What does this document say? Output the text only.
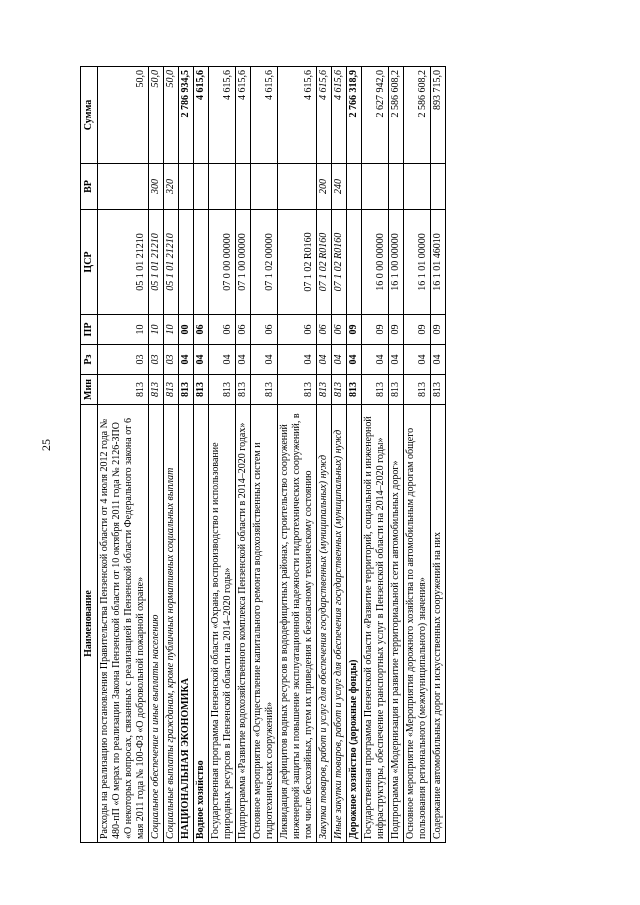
25
Наименование	Мин	Рз	ПР	ЦСР	ВР	Сумма
Расходы на реализацию постановления Правительства Пензенской области от 4 июля 2012 года № 480-пП «О мерах по реализации Закона Пензенской области от 10 октября 2011 года № 2126-ЗПО «О некоторых вопросах, связанных с реализацией в Пензенской области Федерального закона от 6 мая 2011 года № 100-ФЗ «О добровольной пожарной охране»	813	03	10	05 1 01 21210		50,0
Социальное обеспечение и иные выплаты населению	813	03	10	05 1 01 21210	300	50,0
Социальные выплаты гражданам, кроме публичных нормативных социальных выплат	813	03	10	05 1 01 21210	320	50,0
НАЦИОНАЛЬНАЯ ЭКОНОМИКА	813	04	00			2 786 934,5
Водное хозяйство	813	04	06			4 615,6
Государственная программа Пензенской области «Охрана, воспроизводство и использование природных ресурсов в Пензенской области на 2014–2020 годы»	813	04	06	07 0 00 00000		4 615,6
Подпрограмма «Развитие водохозяйственного комплекса Пензенской области в 2014–2020 годах»	813	04	06	07 1 00 00000		4 615,6
Основное мероприятие «Осуществление капитального ремонта водохозяйственных систем и гидротехнических сооружений»	813	04	06	07 1 02 00000		4 615,6
Ликвидация дефицитов водных ресурсов в вододефицитных районах, строительство сооружений инженерной защиты и повышение эксплуатационной надежности гидротехнических сооружений, в том числе бесхозяйных, путем их приведения к безопасному техническому состоянию	813	04	06	07 1 02 R0160		4 615,6
Закупка товаров, работ и услуг для обеспечения государственных (муниципальных) нужд	813	04	06	07 1 02 R0160	200	4 615,6
Иные закупки товаров, работ и услуг для обеспечения государственных (муниципальных) нужд	813	04	06	07 1 02 R0160	240	4 615,6
Дорожное хозяйство (дорожные фонды)	813	04	09			2 766 318,9
Государственная программа Пензенской области «Развитие территорий, социальной и инженерной инфраструктуры, обеспечение транспортных услуг в Пензенской области на 2014–2020 годы»	813	04	09	16 0 00 00000		2 627 942,0
Подпрограмма «Модернизация и развитие территориальной сети автомобильных дорог»	813	04	09	16 1 00 00000		2 586 608,2
Основное мероприятие «Мероприятия дорожного хозяйства по автомобильным дорогам общего пользования регионального (межмуниципального) значения»	813	04	09	16 1 01 00000		2 586 608,2
Содержание автомобильных дорог и искусственных сооружений на них	813	04	09	16 1 01 46010		893 715,0
